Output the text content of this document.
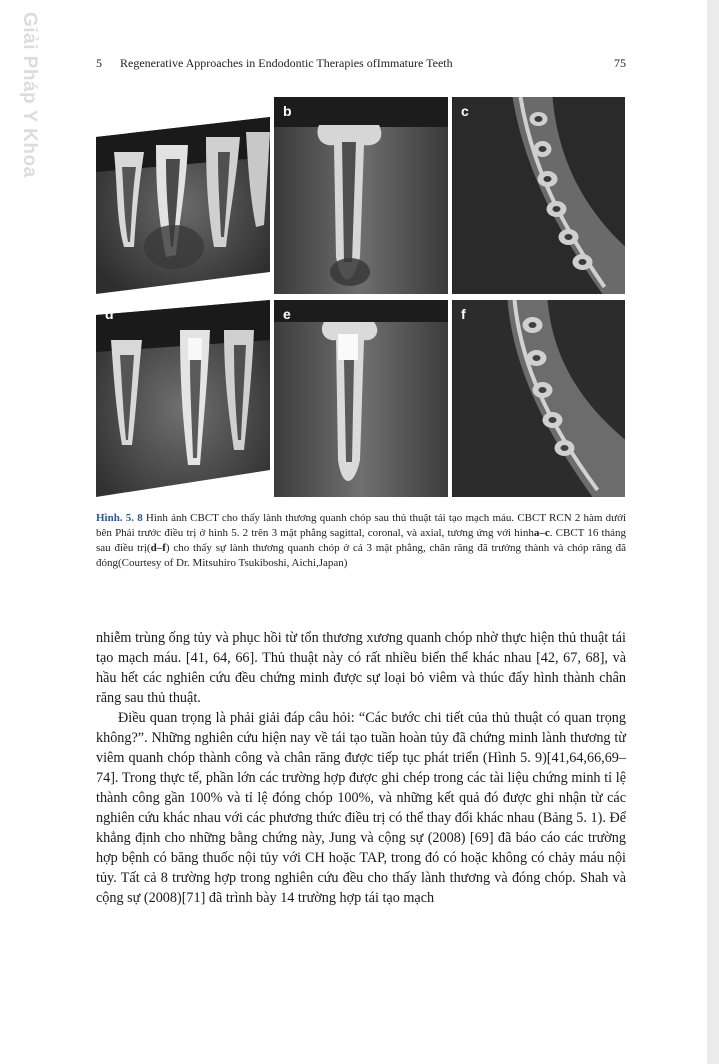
Giải Pháp Y Khoa	5 Regenerative Approaches in Endodontic Therapies ofImmature Teeth	75
a	b	c
d	e	f
Hình. 5. 8 Hình ảnh CBCT cho thấy lành thương quanh chóp sau thủ thuật tái tạo mạch máu. CBCT RCN 2 hàm dưới bên Phải trước điều trị ở hình 5. 2 trên 3 mặt phẳng sagittal, coronal, và axial, tương ứng với hìnha–c. CBCT 16 tháng sau điều trị(d–f) cho thấy sự lành thương quanh chóp ở cả 3 mặt phẳng, chân răng đã trưởng thành và chóp răng đã đóng(Courtesy of Dr. Mitsuhiro Tsukiboshi, Aichi,Japan)

nhiễm trùng ống tủy và phục hồi từ tổn thương xương quanh chóp nhờ thực hiện thủ thuật tái tạo mạch máu. [41, 64, 66]. Thủ thuật này có rất nhiều biến thể khác nhau [42, 67, 68], và hầu hết các nghiên cứu đều chứng minh được sự loại bỏ viêm và thúc đẩy hình thành chân răng sau thủ thuật.

Điều quan trọng là phải giải đáp câu hỏi: “Các bước chi tiết của thủ thuật có quan trọng không?”. Những nghiên cứu hiện nay về tái tạo tuần hoàn tủy đã chứng minh lành thương từ viêm quanh chóp thành công và chân răng được tiếp tục phát triển (Hình 5. 9)[41,64,66,69–74]. Trong thực tế, phần lớn các trường hợp được ghi chép trong các tài liệu chứng minh tỉ lệ thành công gần 100% và tỉ lệ đóng chóp 100%, và những kết quả đó được ghi nhận từ các nghiên cứu khác nhau với các phương thức điều trị có thể thay đổi khác nhau (Bảng 5. 1). Để khẳng định cho những bằng chứng này, Jung và cộng sự (2008) [69] đã báo cáo các trường hợp bệnh có băng thuốc nội tủy với CH hoặc TAP, trong đó có hoặc không có chảy máu nội tủy. Tất cả 8 trường hợp trong nghiên cứu đều cho thấy lành thương và đóng chóp. Shah và cộng sự (2008)[71] đã trình bày 14 trường hợp tái tạo mạch
